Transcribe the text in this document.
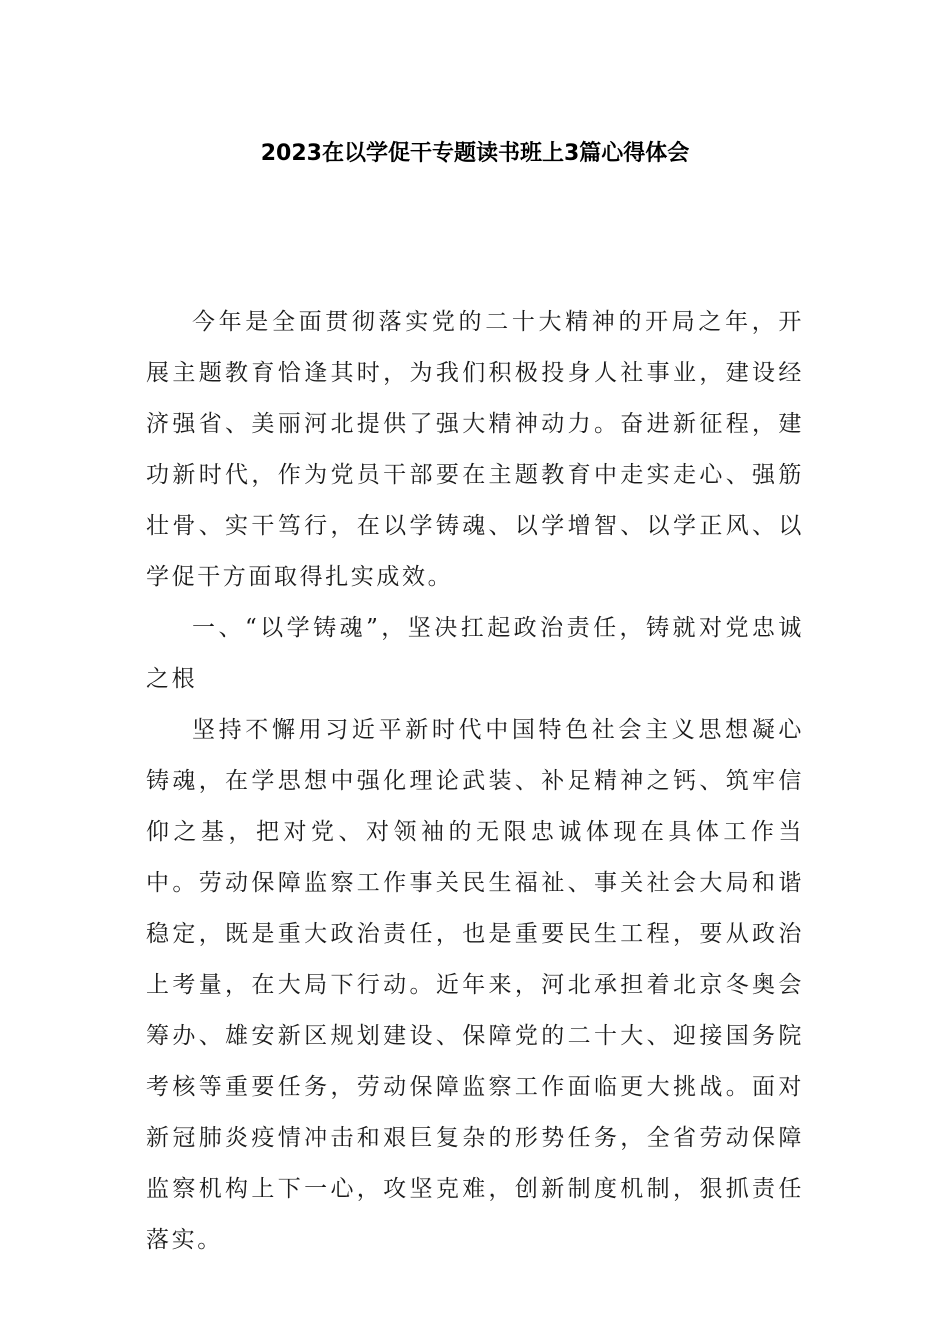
2023在以学促干专题读书班上3篇心得体会

今年是全面贯彻落实党的二十大精神的开局之年，开展主题教育恰逢其时，为我们积极投身人社事业，建设经济强省、美丽河北提供了强大精神动力。奋进新征程，建功新时代，作为党员干部要在主题教育中走实走心、强筋壮骨、实干笃行，在以学铸魂、以学增智、以学正风、以学促干方面取得扎实成效。

一、“以学铸魂”，坚决扛起政治责任，铸就对党忠诚之根

坚持不懈用习近平新时代中国特色社会主义思想凝心铸魂，在学思想中强化理论武装、补足精神之钙、筑牢信仰之基，把对党、对领袖的无限忠诚体现在具体工作当中。劳动保障监察工作事关民生福祉、事关社会大局和谐稳定，既是重大政治责任，也是重要民生工程，要从政治上考量，在大局下行动。近年来，河北承担着北京冬奥会筹办、雄安新区规划建设、保障党的二十大、迎接国务院考核等重要任务，劳动保障监察工作面临更大挑战。面对新冠肺炎疫情冲击和艰巨复杂的形势任务，全省劳动保障监察机构上下一心，攻坚克难，创新制度机制，狠抓责任落实。
